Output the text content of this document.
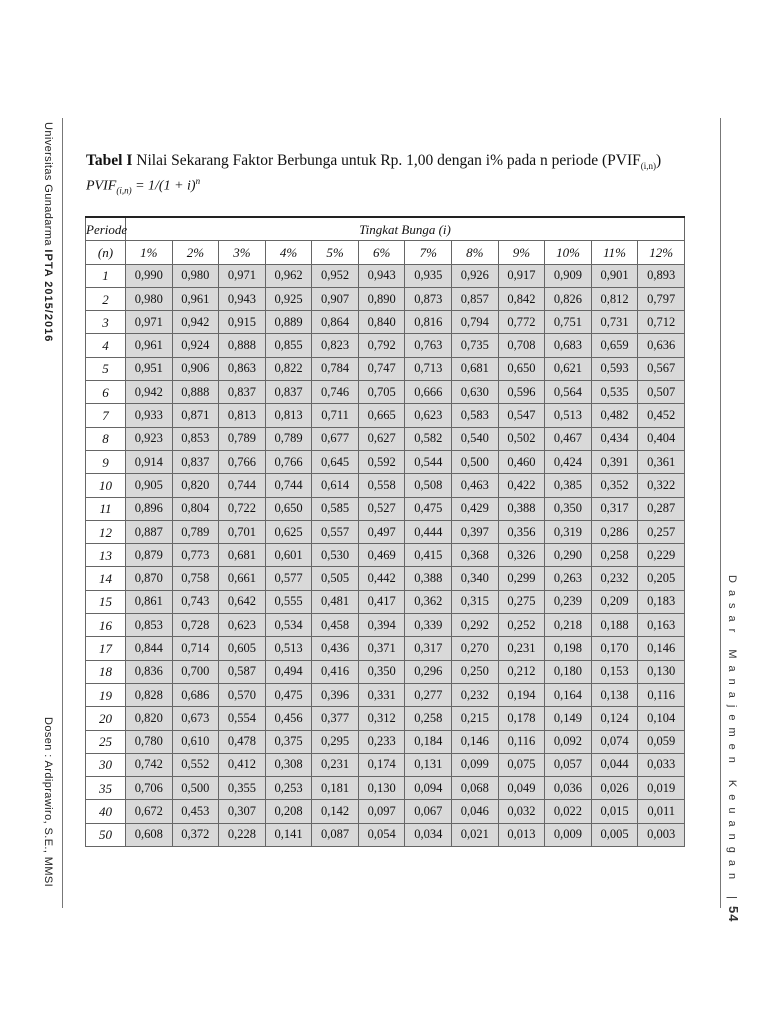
Universitas Gunadarma IPTA 2015/2016
Dosen : Ardiprawiro, S.E., MMSI	Dasar Manajemen Keuangan |54
Tabel I Nilai Sekarang Faktor Berbunga untuk Rp. 1,00 dengan i% pada n periode $(PVIF_{(i,n)})$
$PVIF_{(i,n)} = 1/(1 + i)^n$
Periode	Tingkat Bunga (i)											
(n)	1%	2%	3%	4%	5%	6%	7%	8%	9%	10%	11%	12%
1	0,990	0,980	0,971	0,962	0,952	0,943	0,935	0,926	0,917	0,909	0,901	0,893
2	0,980	0,961	0,943	0,925	0,907	0,890	0,873	0,857	0,842	0,826	0,812	0,797
3	0,971	0,942	0,915	0,889	0,864	0,840	0,816	0,794	0,772	0,751	0,731	0,712
4	0,961	0,924	0,888	0,855	0,823	0,792	0,763	0,735	0,708	0,683	0,659	0,636
5	0,951	0,906	0,863	0,822	0,784	0,747	0,713	0,681	0,650	0,621	0,593	0,567
6	0,942	0,888	0,837	0,837	0,746	0,705	0,666	0,630	0,596	0,564	0,535	0,507
7	0,933	0,871	0,813	0,813	0,711	0,665	0,623	0,583	0,547	0,513	0,482	0,452
8	0,923	0,853	0,789	0,789	0,677	0,627	0,582	0,540	0,502	0,467	0,434	0,404
9	0,914	0,837	0,766	0,766	0,645	0,592	0,544	0,500	0,460	0,424	0,391	0,361
10	0,905	0,820	0,744	0,744	0,614	0,558	0,508	0,463	0,422	0,385	0,352	0,322
11	0,896	0,804	0,722	0,650	0,585	0,527	0,475	0,429	0,388	0,350	0,317	0,287
12	0,887	0,789	0,701	0,625	0,557	0,497	0,444	0,397	0,356	0,319	0,286	0,257
13	0,879	0,773	0,681	0,601	0,530	0,469	0,415	0,368	0,326	0,290	0,258	0,229
14	0,870	0,758	0,661	0,577	0,505	0,442	0,388	0,340	0,299	0,263	0,232	0,205
15	0,861	0,743	0,642	0,555	0,481	0,417	0,362	0,315	0,275	0,239	0,209	0,183
16	0,853	0,728	0,623	0,534	0,458	0,394	0,339	0,292	0,252	0,218	0,188	0,163
17	0,844	0,714	0,605	0,513	0,436	0,371	0,317	0,270	0,231	0,198	0,170	0,146
18	0,836	0,700	0,587	0,494	0,416	0,350	0,296	0,250	0,212	0,180	0,153	0,130
19	0,828	0,686	0,570	0,475	0,396	0,331	0,277	0,232	0,194	0,164	0,138	0,116
20	0,820	0,673	0,554	0,456	0,377	0,312	0,258	0,215	0,178	0,149	0,124	0,104
25	0,780	0,610	0,478	0,375	0,295	0,233	0,184	0,146	0,116	0,092	0,074	0,059
30	0,742	0,552	0,412	0,308	0,231	0,174	0,131	0,099	0,075	0,057	0,044	0,033
35	0,706	0,500	0,355	0,253	0,181	0,130	0,094	0,068	0,049	0,036	0,026	0,019
40	0,672	0,453	0,307	0,208	0,142	0,097	0,067	0,046	0,032	0,022	0,015	0,011
50	0,608	0,372	0,228	0,141	0,087	0,054	0,034	0,021	0,013	0,009	0,005	0,003
